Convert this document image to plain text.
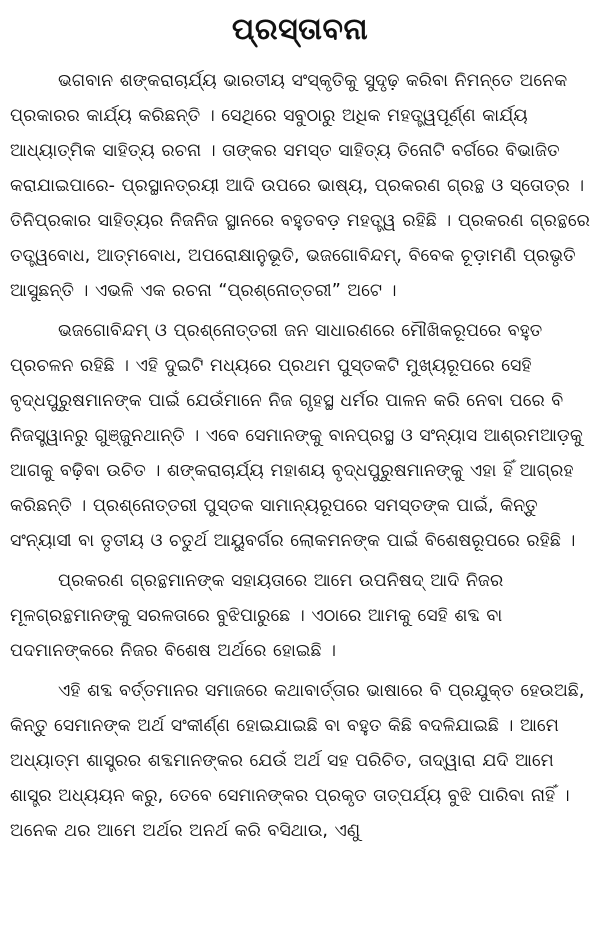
ପ୍ରସ୍ତାବନା

ଭଗବାନ ଶଙ୍କରାଚାର୍ଯ୍ୟ ଭାରତୀୟ ସଂସ୍କୃତିକୁ ସୁଦୃଢ଼ କରିବା ନିମନ୍ତେ ଅନେକ ପ୍ରକାରର କାର୍ଯ୍ୟ କରିଛନ୍ତି । ସେଥିରେ ସବୁଠାରୁ ଅଧିକ ମହତ୍ତ୍ୱପୂର୍ଣ୍ଣ କାର୍ଯ୍ୟ ଆଧ୍ୟାତ୍ମିକ ସାହିତ୍ୟ ରଚନା । ତାଙ୍କର ସମସ୍ତ ସାହିତ୍ୟ ତିନୋଟି ବର୍ଗରେ ବିଭାଜିତ କରାଯାଇପାରେ- ପ୍ରସ୍ଥାନତ୍ରୟୀ ଆଦି ଉପରେ ଭାଷ୍ୟ, ପ୍ରକରଣ ଗ୍ରନ୍ଥ ଓ ସ୍ତୋତ୍ର । ତିନିପ୍ରକାର ସାହିତ୍ୟର ନିଜନିଜ ସ୍ଥାନରେ ବହୁତବଡ଼ ମହତ୍ତ୍ୱ ରହିଛି । ପ୍ରକରଣ ଗ୍ରନ୍ଥରେ ତତ୍ତ୍ୱବୋଧ, ଆତ୍ମବୋଧ, ଅପରୋକ୍ଷାନୁଭୂତି, ଭଜଗୋବିନ୍ଦମ୍, ବିବେକ ଚୂଡ଼ାମଣି ପ୍ରଭୃତି ଆସୁଛନ୍ତି । ଏଭଳି ଏକ ରଚନା “ପ୍ରଶ୍ନୋତ୍ତରୀ” ଅଟେ ।

ଭଜଗୋବିନ୍ଦମ୍ ଓ ପ୍ରଶ୍ନୋତ୍ତରୀ ଜନ ସାଧାରଣରେ ମୌଖିକରୂପରେ ବହୁତ ପ୍ରଚଳନ ରହିଛି । ଏହି ଦୁଇଟି ମଧ୍ୟରେ ପ୍ରଥମ ପୁସ୍ତକଟି ମୁଖ୍ୟରୂପରେ ସେହି ବୃଦ୍ଧପୁରୁଷମାନଙ୍କ ପାଇଁ ଯେଉଁମାନେ ନିଜ ଗୃହସ୍ଥ ଧର୍ମର ପାଳନ କରି ନେବା ପରେ ବି ନିଜସ୍ତ୍ୱାନରୁ ଗୁଞ୍ଜୁନଥାନ୍ତି । ଏବେ ସେମାନଙ୍କୁ ବାନପ୍ରସ୍ଥ ଓ ସଂନ୍ୟାସ ଆଶ୍ରମଆଡ଼କୁ ଆଗକୁ ବଢ଼ିବା ଉଚିତ । ଶଙ୍କରାଚାର୍ଯ୍ୟ ମହାଶୟ ବୃଦ୍ଧପୁରୁଷମାନଙ୍କୁ ଏହା ହିଁ ଆଗ୍ରହ କରିଛନ୍ତି । ପ୍ରଶ୍ନୋତ୍ତରୀ ପୁସ୍ତକ ସାମାନ୍ୟରୂପରେ ସମସ୍ତଙ୍କ ପାଇଁ, କିନ୍ତୁ ସଂନ୍ୟାସୀ ବା ତୃତୀୟ ଓ ଚତୁର୍ଥ ଆୟୁବର୍ଗର ଲୋକମନଙ୍କ ପାଇଁ ବିଶେଷରୂପରେ ରହିଛି ।

ପ୍ରକରଣ ଗ୍ରନ୍ଥମାନଙ୍କ ସହାୟତାରେ ଆମେ ଉପନିଷଦ୍ ଆଦି ନିଜର ମୂଳଗ୍ରନ୍ଥମାନଙ୍କୁ ସରଳତାରେ ବୁଝିପାରୁଛେ । ଏଠାରେ ଆମକୁ ସେହି ଶବ୍ଦ ବା ପଦମାନଙ୍କରେ ନିଜର ବିଶେଷ ଅର୍ଥରେ ହୋଇଛି ।

ଏହି ଶବ୍ଦ ବର୍ତ୍ତମାନର ସମାଜରେ କଥାବାର୍ତ୍ତାର ଭାଷାରେ ବି ପ୍ରଯୁକ୍ତ ହେଉଅଛି, କିନ୍ତୁ ସେମାନଙ୍କ ଅର୍ଥ ସଂକୀର୍ଣ୍ଣ ହୋଇଯାଇଛି ବା ବହୁତ କିଛି ବଦଳିଯାଇଛି । ଆମେ ଅଧ୍ୟାତ୍ମ ଶାସ୍ତ୍ରର ଶବ୍ଦମାନଙ୍କର ଯେଉଁ ଅର୍ଥ ସହ ପରିଚିତ, ତାଦ୍ୱାରା ଯଦି ଆମେ ଶାସ୍ତ୍ର ଅଧ୍ୟୟନ କରୁ, ତେବେ ସେମାନଙ୍କର ପ୍ରକୃତ ତାତ୍ପର୍ଯ୍ୟ ବୁଝି ପାରିବା ନାହିଁ । ଅନେକ ଥର ଆମେ ଅର୍ଥର ଅନର୍ଥ କରି ବସିଥାଉ, ଏଣୁ
